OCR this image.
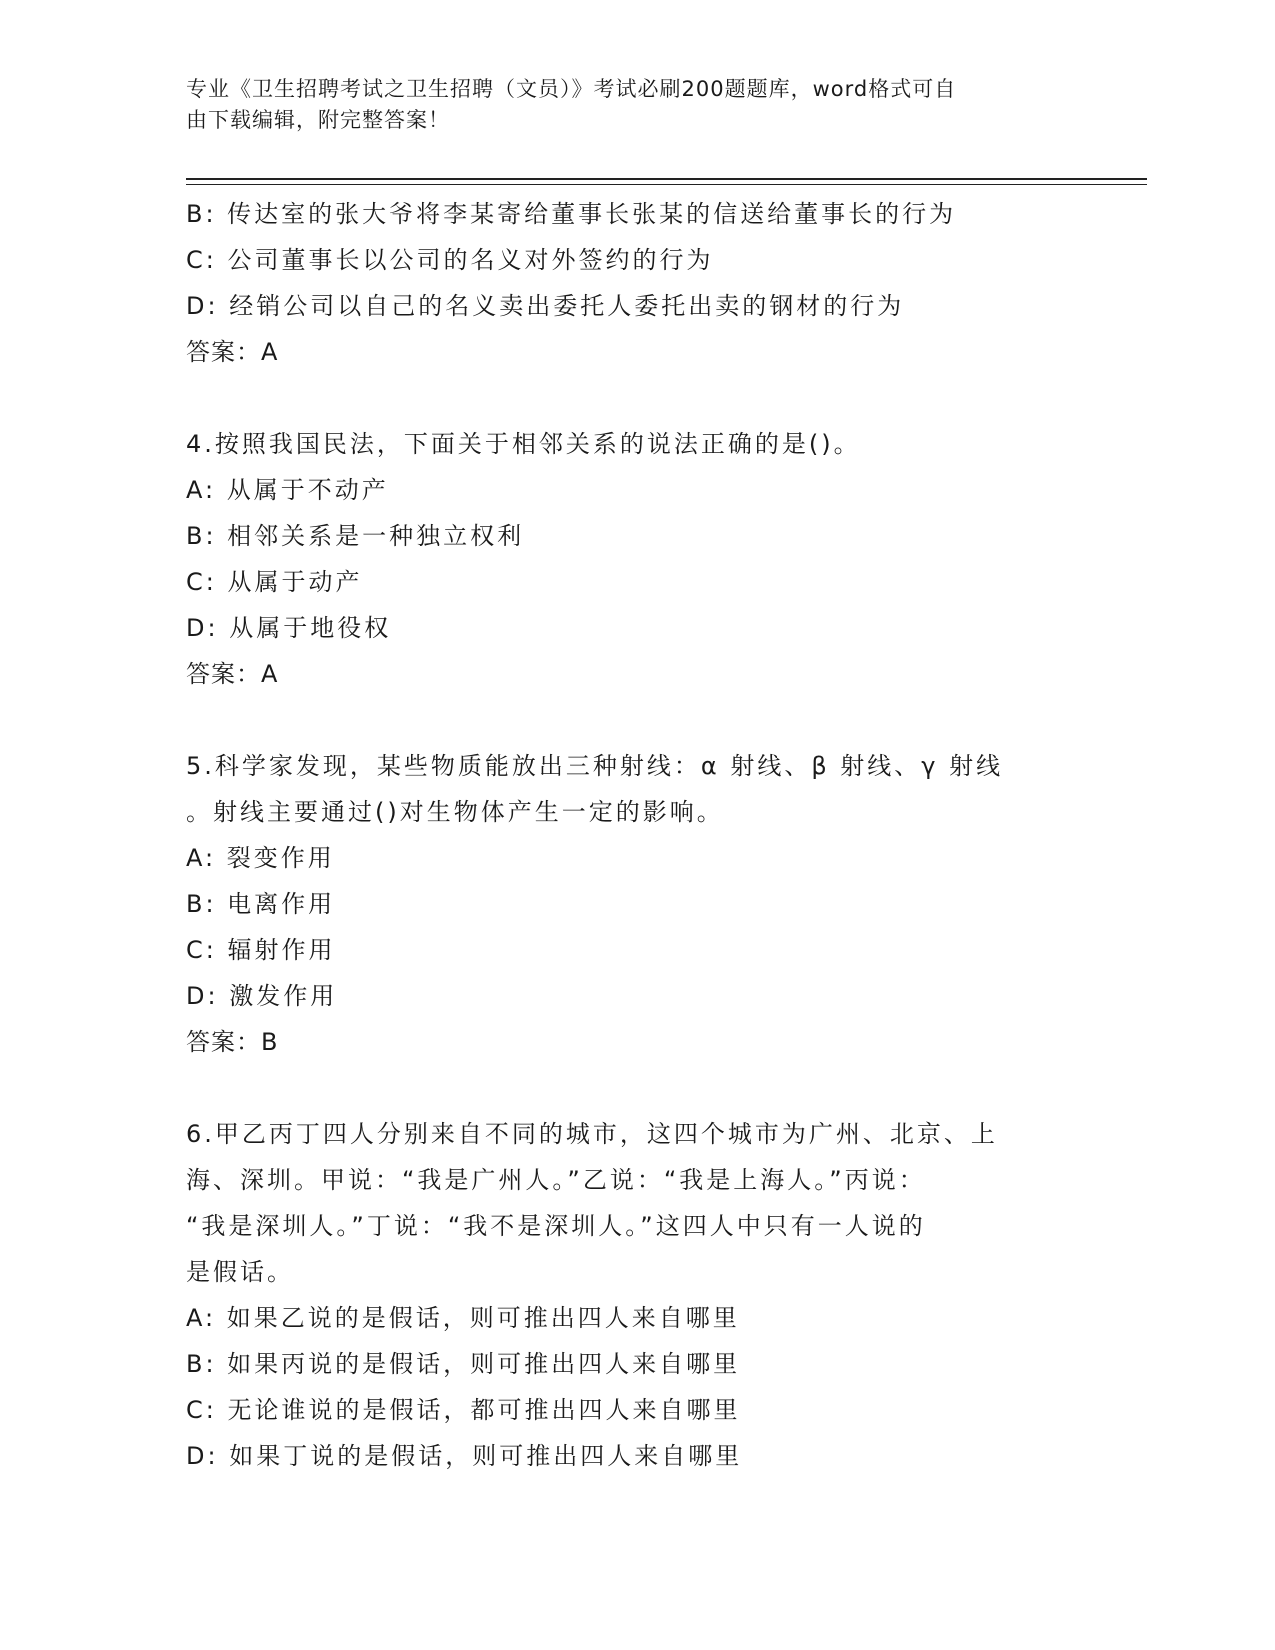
专业《卫生招聘考试之卫生招聘（文员）》考试必刷200题题库，word格式可自
由下载编辑，附完整答案！
B: 传达室的张大爷将李某寄给董事长张某的信送给董事长的行为
C: 公司董事长以公司的名义对外签约的行为
D: 经销公司以自己的名义卖出委托人委托出卖的钢材的行为
答案：A
4.按照我国民法，下面关于相邻关系的说法正确的是()。
A: 从属于不动产
B: 相邻关系是一种独立权利
C: 从属于动产
D: 从属于地役权
答案：A
5.科学家发现，某些物质能放出三种射线：α 射线、β 射线、γ 射线
。射线主要通过()对生物体产生一定的影响。
A: 裂变作用
B: 电离作用
C: 辐射作用
D: 激发作用
答案：B
6.甲乙丙丁四人分别来自不同的城市，这四个城市为广州、北京、上
海、深圳。甲说：“我是广州人。”乙说：“我是上海人。”丙说：
“我是深圳人。”丁说：“我不是深圳人。”这四人中只有一人说的
是假话。
A: 如果乙说的是假话，则可推出四人来自哪里
B: 如果丙说的是假话，则可推出四人来自哪里
C: 无论谁说的是假话，都可推出四人来自哪里
D: 如果丁说的是假话，则可推出四人来自哪里
